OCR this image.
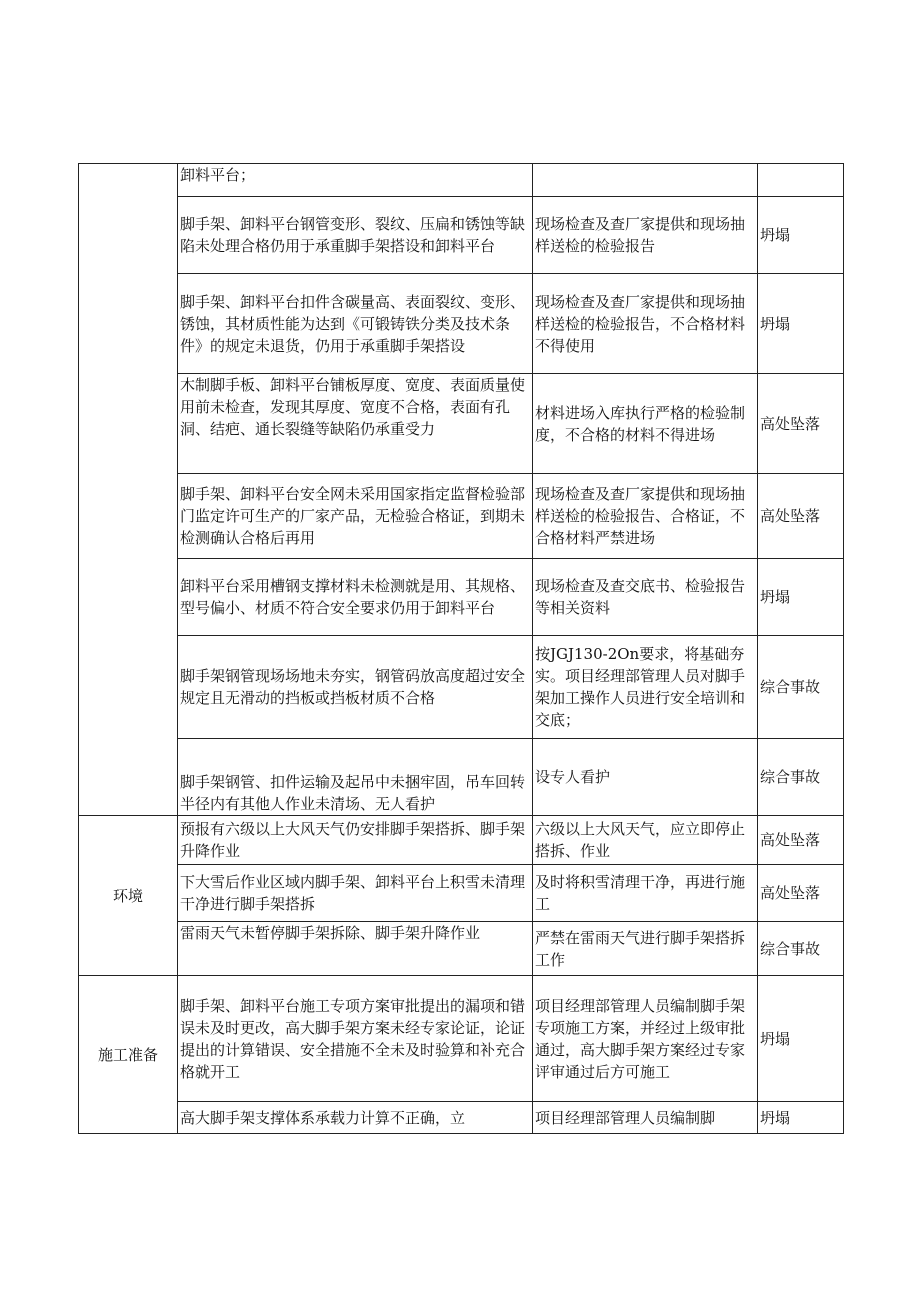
	卸料平台；		
	脚手架、卸料平台钢管变形、裂纹、压扁和锈蚀等缺陷未处理合格仍用于承重脚手架搭设和卸料平台	现场检查及查厂家提供和现场抽样送检的检验报告	坍塌
	脚手架、卸料平台扣件含碳量高、表面裂纹、变形、锈蚀，其材质性能为达到《可锻铸铁分类及技术条件》的规定未退货，仍用于承重脚手架搭设	现场检查及查厂家提供和现场抽样送检的检验报告，不合格材料不得使用	坍塌
	木制脚手板、卸料平台铺板厚度、宽度、表面质量使用前未检查，发现其厚度、宽度不合格，表面有孔洞、结疤、通长裂缝等缺陷仍承重受力	材料进场入库执行严格的检验制度，不合格的材料不得进场	高处坠落
	脚手架、卸料平台安全网未采用国家指定监督检验部门监定许可生产的厂家产品，无检验合格证，到期未检测确认合格后再用	现场检查及查厂家提供和现场抽样送检的检验报告、合格证，不合格材料严禁进场	高处坠落
	卸料平台采用槽钢支撑材料未检测就是用、其规格、型号偏小、材质不符合安全要求仍用于卸料平台	现场检查及查交底书、检验报告等相关资料	坍塌
	脚手架钢管现场场地未夯实，钢管码放高度超过安全规定且无滑动的挡板或挡板材质不合格	按JGJ130-2On要求，将基础夯实。项目经理部管理人员对脚手架加工操作人员进行安全培训和交底；	综合事故
	脚手架钢管、扣件运输及起吊中未捆牢固，吊车回转半径内有其他人作业未清场、无人看护	设专人看护	综合事故
环境	预报有六级以上大风天气仍安排脚手架搭拆、脚手架升降作业	六级以上大风天气，应立即停止搭拆、作业	高处坠落
	下大雪后作业区域内脚手架、卸料平台上积雪未清理干净进行脚手架搭拆	及时将积雪清理干净，再进行施工	高处坠落
	雷雨天气未暂停脚手架拆除、脚手架升降作业	严禁在雷雨天气进行脚手架搭拆工作	综合事故
施工准备	脚手架、卸料平台施工专项方案审批提出的漏项和错误未及时更改，高大脚手架方案未经专家论证，论证提出的计算错误、安全措施不全未及时验算和补充合格就开工	项目经理部管理人员编制脚手架专项施工方案，并经过上级审批通过，高大脚手架方案经过专家评审通过后方可施工	坍塌
	高大脚手架支撑体系承载力计算不正确，立	项目经理部管理人员编制脚	坍塌
